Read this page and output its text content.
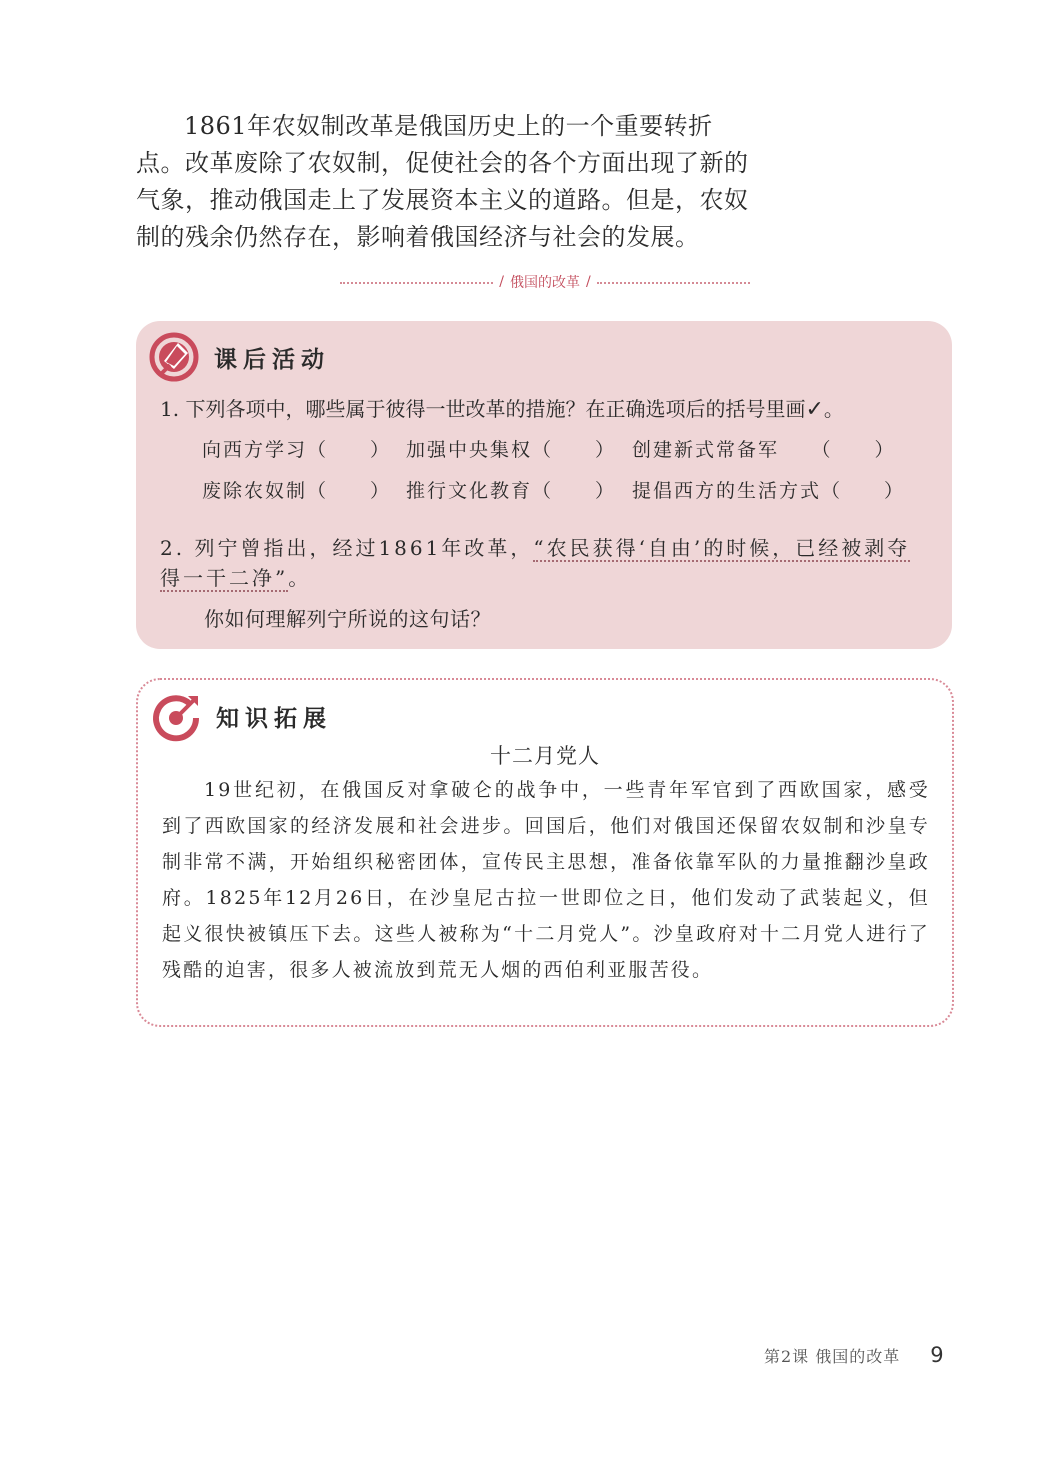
1861年农奴制改革是俄国历史上的一个重要转折点。改革废除了农奴制，促使社会的各个方面出现了新的气象，推动俄国走上了发展资本主义的道路。但是，农奴制的残余仍然存在，影响着俄国经济与社会的发展。

/ 俄国的改革 /
课后活动
1. 下列各项中，哪些属于彼得一世改革的措施？在正确选项后的括号里画✓。
向西方学习（　　） 加强中央集权（　　） 创建新式常备军　　（　　）
废除农奴制（　　） 推行文化教育（　　） 提倡西方的生活方式（　　）
2. 列宁曾指出，经过1861年改革，“农民获得‘自由’的时候，已经被剥夺得一干二净”。
你如何理解列宁所说的这句话？
知识拓展
十二月党人

19世纪初，在俄国反对拿破仑的战争中，一些青年军官到了西欧国家，感受到了西欧国家的经济发展和社会进步。回国后，他们对俄国还保留农奴制和沙皇专制非常不满，开始组织秘密团体，宣传民主思想，准备依靠军队的力量推翻沙皇政府。1825年12月26日，在沙皇尼古拉一世即位之日，他们发动了武装起义，但起义很快被镇压下去。这些人被称为“十二月党人”。沙皇政府对十二月党人进行了残酷的迫害，很多人被流放到荒无人烟的西伯利亚服苦役。

第2课 俄国的改革 9
